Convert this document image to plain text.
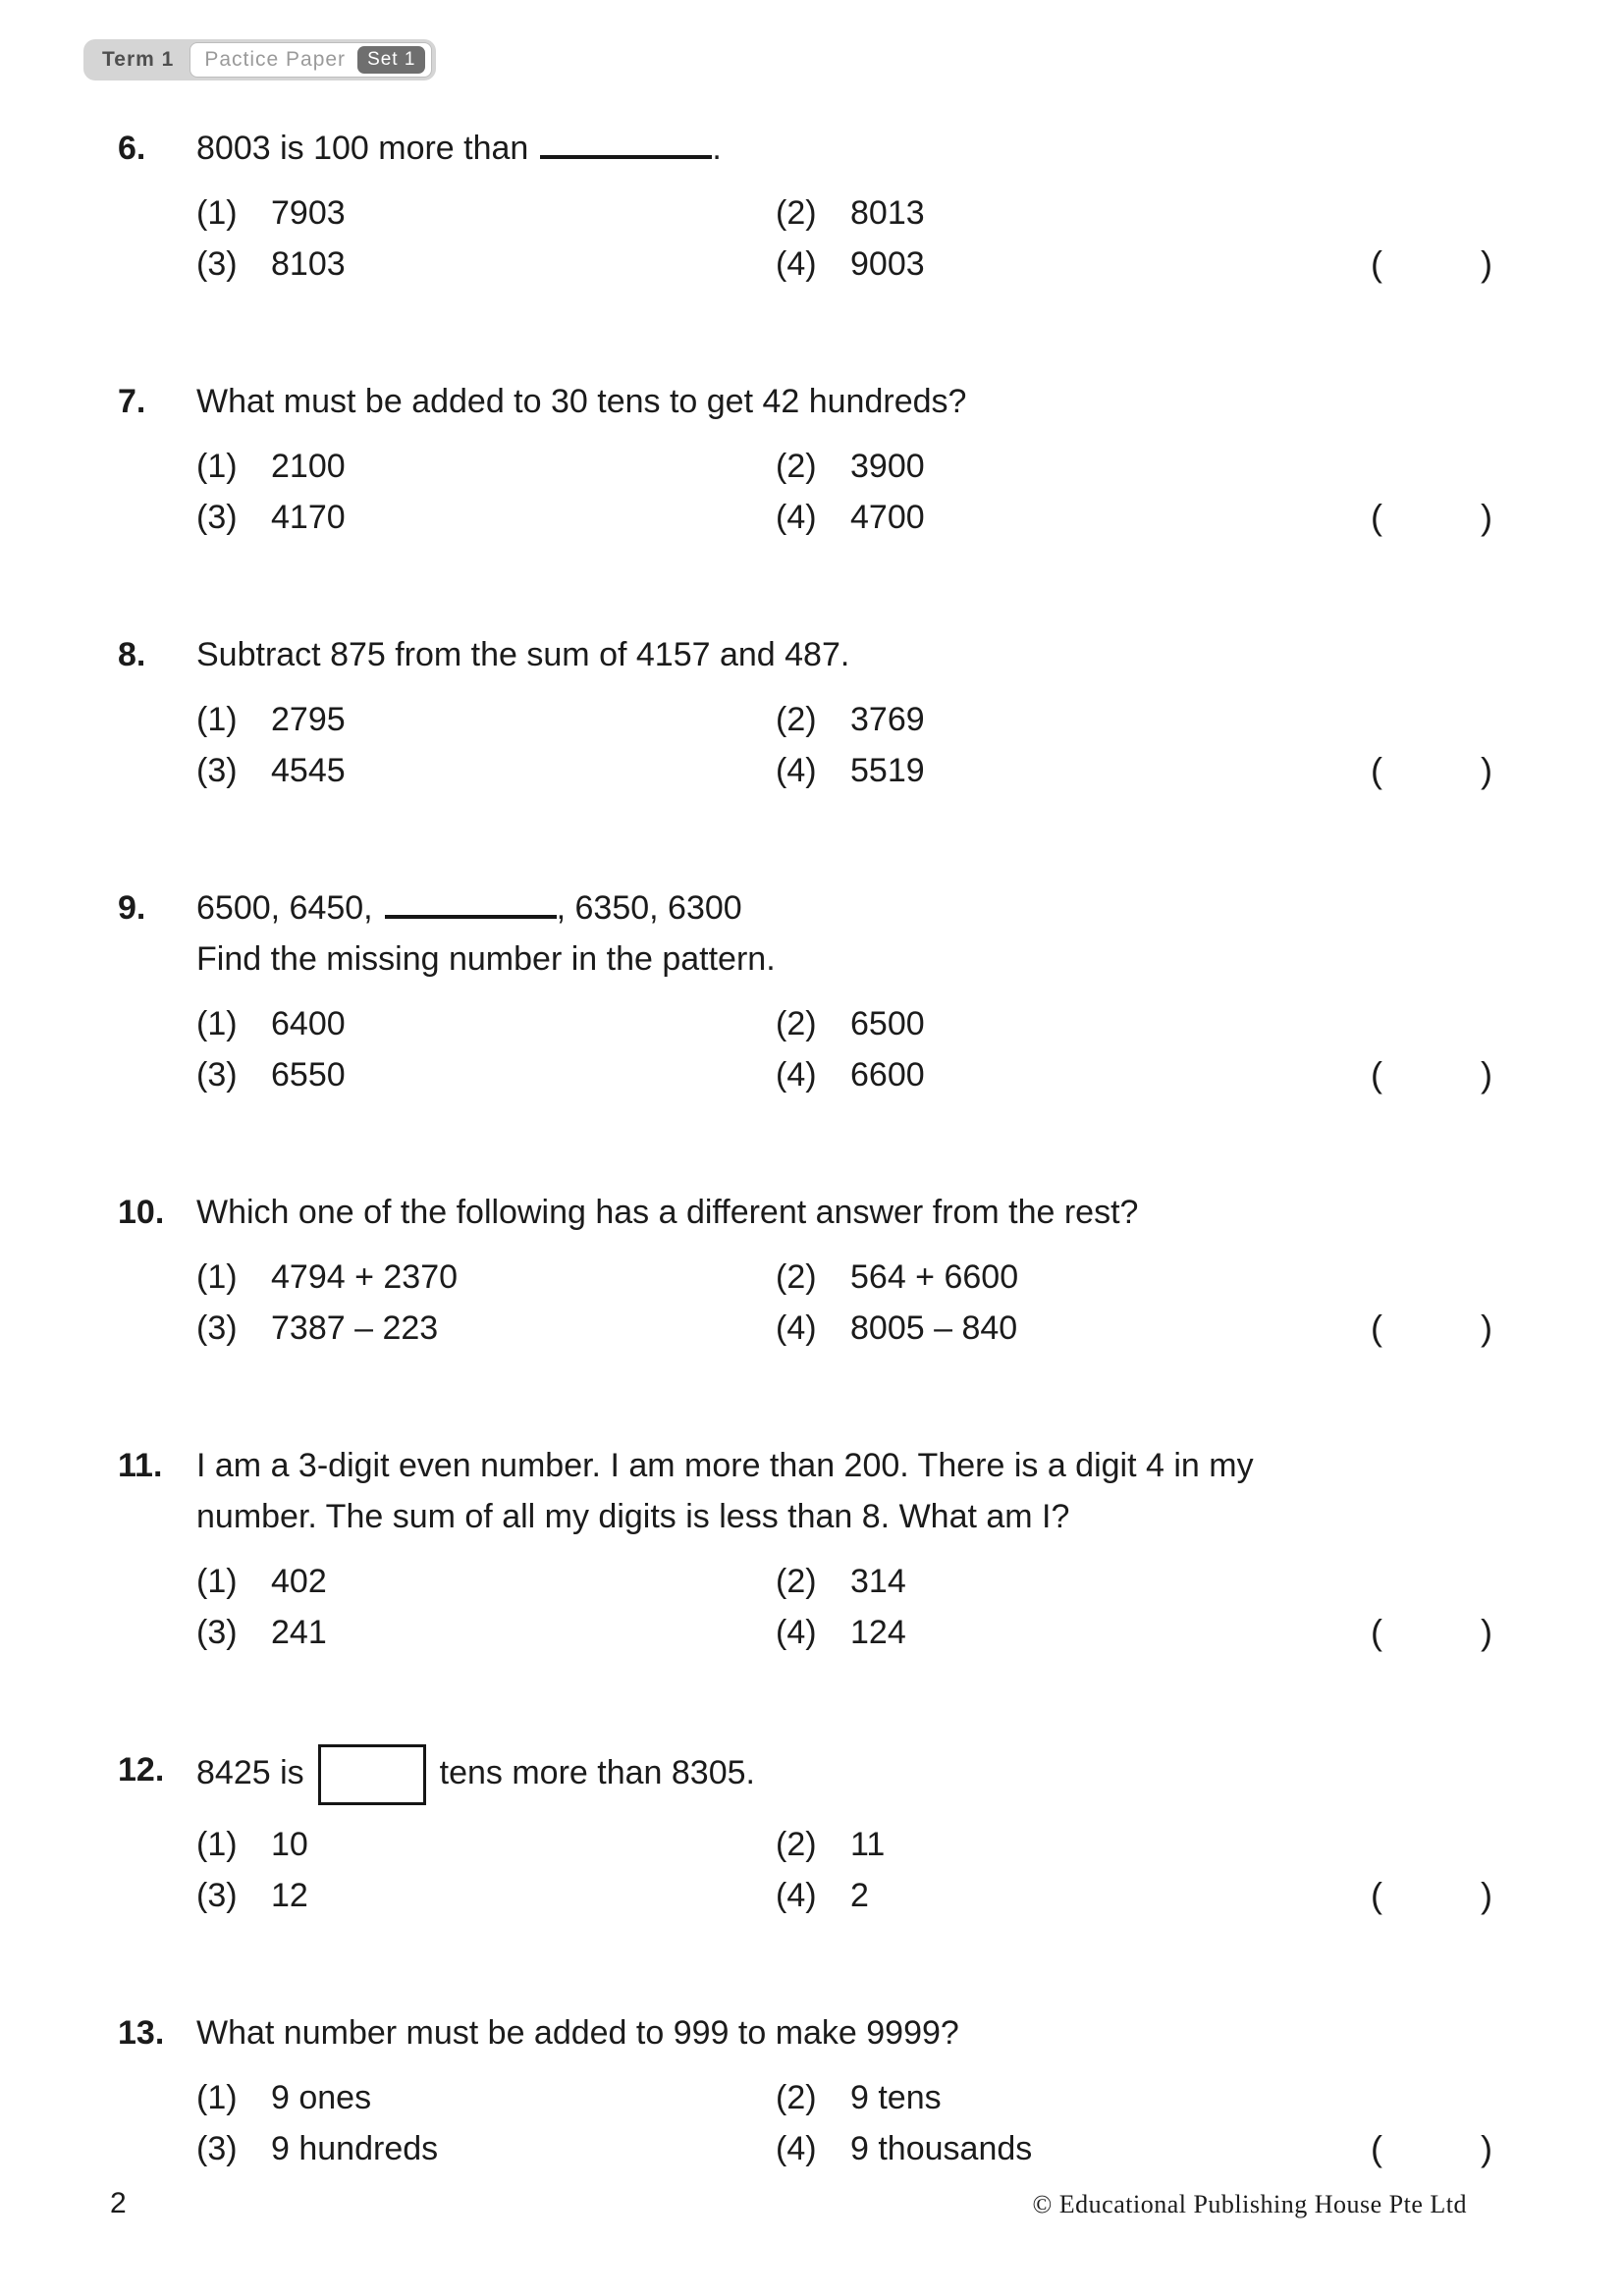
Term 1	Pactice Paper	Set 1
6.	8003 is 100 more than	.
(1)	7903	(2)	8013
(3)	8103	(4)	9003	(	)
7.	What must be added to 30 tens to get 42 hundreds?
(1)	2100	(2)	3900
(3)	4170	(4)	4700	(	)
8.	Subtract 875 from the sum of 4157 and 487.
(1)	2795	(2)	3769
(3)	4545	(4)	5519	(	)
9.	6500, 6450,	, 6350, 6300
Find the missing number in the pattern.
(1)	6400	(2)	6500
(3)	6550	(4)	6600	(	)
10. Which one of the following has a different answer from the rest?
(1)	4794 + 2370	(2)	564 + 6600
(3)	7387 – 223	(4)	8005 – 840	(	)
11.	I am a 3-digit even number. I am more than 200. There is a digit 4 in my
number. The sum of all my digits is less than 8. What am I?
(1)	402	(2)	314
(3)	241	(4)	124	(	)
12. 8425 is	tens more than 8305.
(1)	10	(2)	11
(3)	12	(4)	2	(	)
13. What number must be added to 999 to make 9999?
(1)	9 ones	(2)	9 tens
(3)	9 hundreds	(4)	9 thousands	(	)
2	© Educational Publishing House Pte Ltd
